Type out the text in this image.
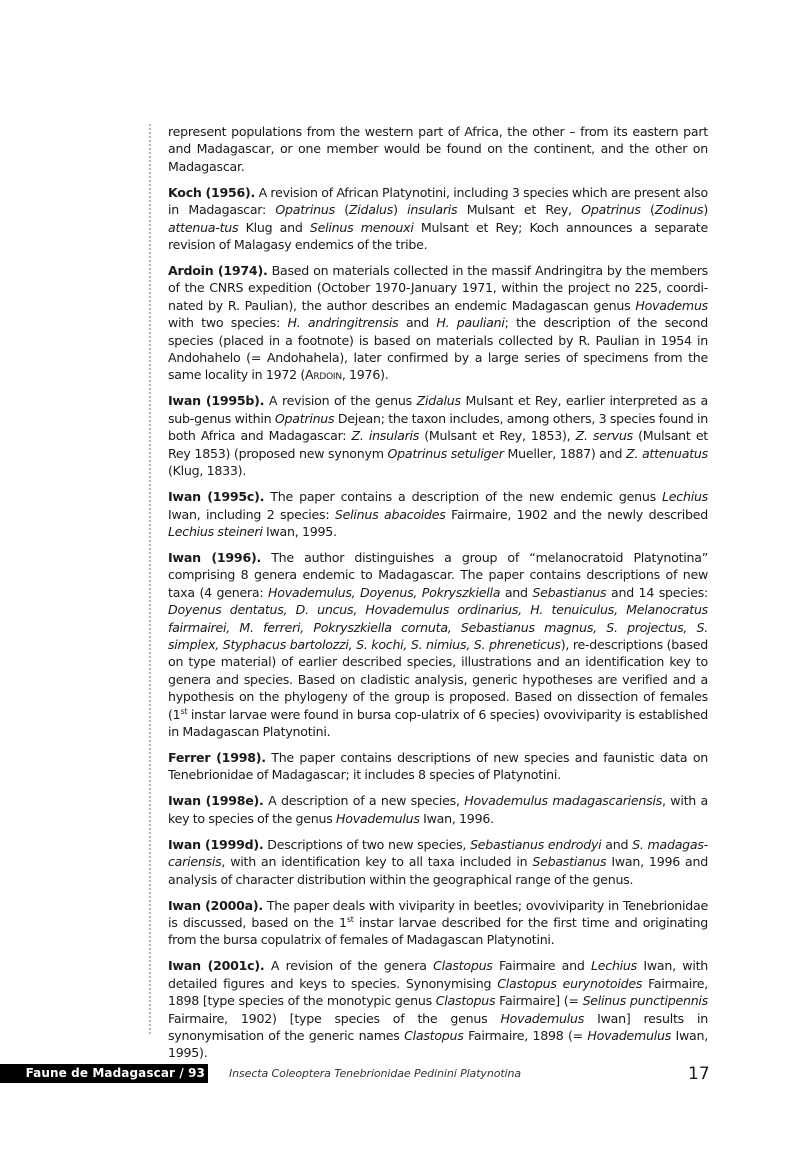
represent populations from the western part of Africa, the other – from its eastern part and Madagascar, or one member would be found on the continent, and the other on Madagascar.

Koch (1956). A revision of African Platynotini, including 3 species which are present also in Madagascar: Opatrinus (Zidalus) insularis Mulsant et Rey, Opatrinus (Zodinus) attenua-tus Klug and Selinus menouxi Mulsant et Rey; Koch announces a separate revision of Malagasy endemics of the tribe.

Ardoin (1974). Based on materials collected in the massif Andringitra by the members of the CNRS expedition (October 1970-January 1971, within the project no 225, coordi-nated by R. Paulian), the author describes an endemic Madagascan genus Hovademus with two species: H. andringitrensis and H. pauliani; the description of the second species (placed in a footnote) is based on materials collected by R. Paulian in 1954 in Andohahelo (= Andohahela), later confirmed by a large series of specimens from the same locality in 1972 (Ardoin, 1976).

Iwan (1995b). A revision of the genus Zidalus Mulsant et Rey, earlier interpreted as a sub-genus within Opatrinus Dejean; the taxon includes, among others, 3 species found in both Africa and Madagascar: Z. insularis (Mulsant et Rey, 1853), Z. servus (Mulsant et Rey 1853) (proposed new synonym Opatrinus setuliger Mueller, 1887) and Z. attenuatus (Klug, 1833).

Iwan (1995c). The paper contains a description of the new endemic genus Lechius Iwan, including 2 species: Selinus abacoides Fairmaire, 1902 and the newly described Lechius steineri Iwan, 1995.

Iwan (1996). The author distinguishes a group of “melanocratoid Platynotina” comprising 8 genera endemic to Madagascar. The paper contains descriptions of new taxa (4 genera: Hovademulus, Doyenus, Pokryszkiella and Sebastianus and 14 species: Doyenus dentatus, D. uncus, Hovademulus ordinarius, H. tenuiculus, Melanocratus fairmairei, M. ferreri, Pokryszkiella cornuta, Sebastianus magnus, S. projectus, S. simplex, Styphacus bartolozzi, S. kochi, S. nimius, S. phreneticus), re-descriptions (based on type material) of earlier described species, illustrations and an identification key to genera and species. Based on cladistic analysis, generic hypotheses are verified and a hypothesis on the phylogeny of the group is proposed. Based on dissection of females (1st instar larvae were found in bursa cop-ulatrix of 6 species) ovoviviparity is established in Madagascan Platynotini.

Ferrer (1998). The paper contains descriptions of new species and faunistic data on Tenebrionidae of Madagascar; it includes 8 species of Platynotini.

Iwan (1998e). A description of a new species, Hovademulus madagascariensis, with a key to species of the genus Hovademulus Iwan, 1996.

Iwan (1999d). Descriptions of two new species, Sebastianus endrodyi and S. madagas-cariensis, with an identification key to all taxa included in Sebastianus Iwan, 1996 and analysis of character distribution within the geographical range of the genus.

Iwan (2000a). The paper deals with viviparity in beetles; ovoviviparity in Tenebrionidae is discussed, based on the 1st instar larvae described for the first time and originating from the bursa copulatrix of females of Madagascan Platynotini.

Iwan (2001c). A revision of the genera Clastopus Fairmaire and Lechius Iwan, with detailed figures and keys to species. Synonymising Clastopus eurynotoides Fairmaire, 1898 [type species of the monotypic genus Clastopus Fairmaire] (= Selinus punctipennis Fairmaire, 1902) [type species of the genus Hovademulus Iwan] results in synonymisation of the generic names Clastopus Fairmaire, 1898 (= Hovademulus Iwan, 1995).

Faune de Madagascar / 93 Insecta Coleoptera Tenebrionidae Pedinini Platynotina	17
